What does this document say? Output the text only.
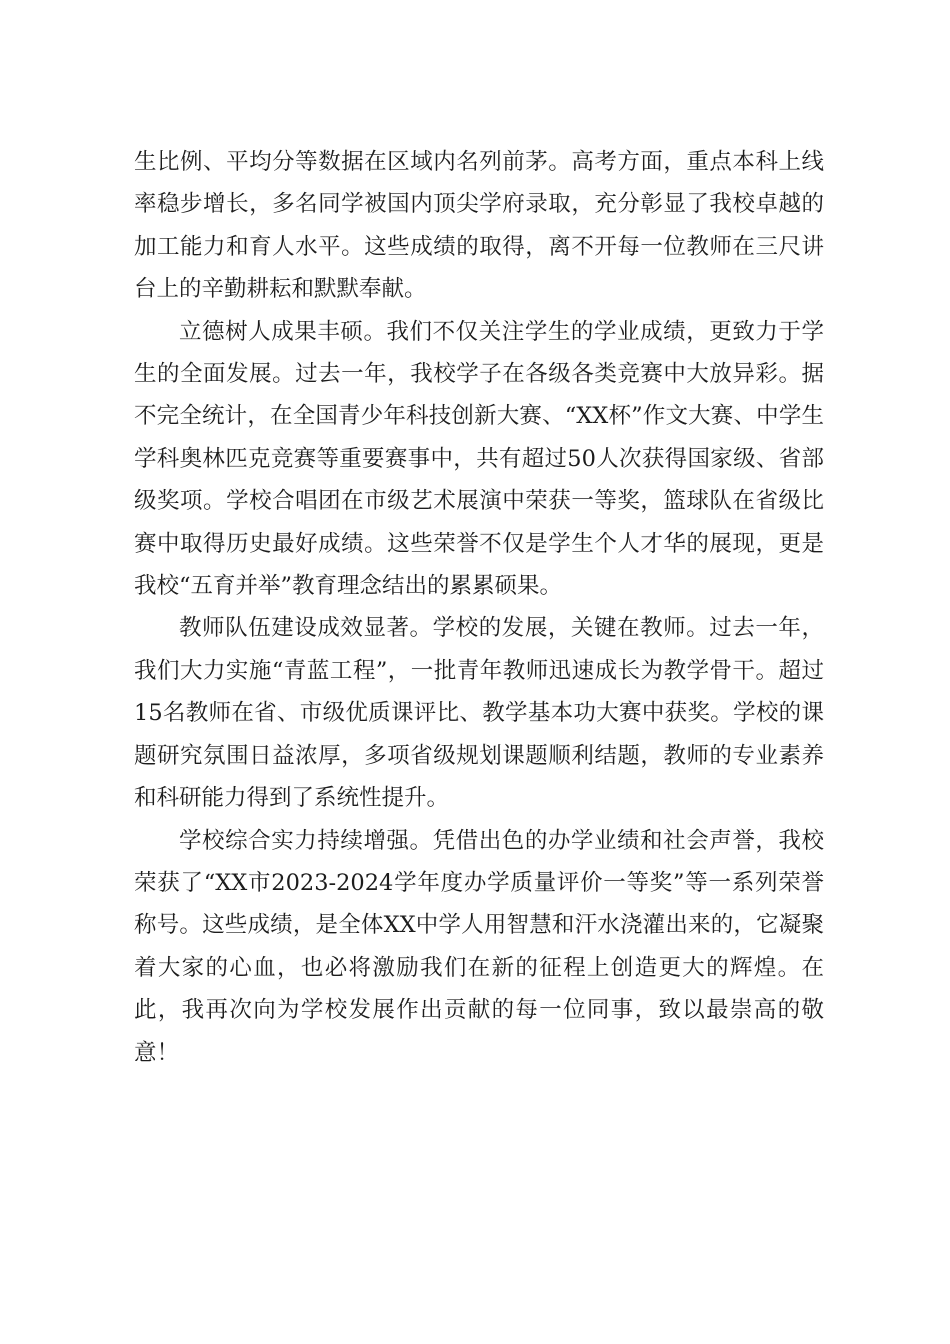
生比例、平均分等数据在区域内名列前茅。高考方面，重点本科上线率稳步增长，多名同学被国内顶尖学府录取，充分彰显了我校卓越的加工能力和育人水平。这些成绩的取得，离不开每一位教师在三尺讲台上的辛勤耕耘和默默奉献。

立德树人成果丰硕。我们不仅关注学生的学业成绩，更致力于学生的全面发展。过去一年，我校学子在各级各类竞赛中大放异彩。据不完全统计，在全国青少年科技创新大赛、“XX杯”作文大赛、中学生学科奥林匹克竞赛等重要赛事中，共有超过50人次获得国家级、省部级奖项。学校合唱团在市级艺术展演中荣获一等奖，篮球队在省级比赛中取得历史最好成绩。这些荣誉不仅是学生个人才华的展现，更是我校“五育并举”教育理念结出的累累硕果。

教师队伍建设成效显著。学校的发展，关键在教师。过去一年，我们大力实施“青蓝工程”，一批青年教师迅速成长为教学骨干。超过15名教师在省、市级优质课评比、教学基本功大赛中获奖。学校的课题研究氛围日益浓厚，多项省级规划课题顺利结题，教师的专业素养和科研能力得到了系统性提升。

学校综合实力持续增强。凭借出色的办学业绩和社会声誉，我校荣获了“XX市2023-2024学年度办学质量评价一等奖”等一系列荣誉称号。这些成绩，是全体XX中学人用智慧和汗水浇灌出来的，它凝聚着大家的心血，也必将激励我们在新的征程上创造更大的辉煌。在此，我再次向为学校发展作出贡献的每一位同事，致以最崇高的敬意！
